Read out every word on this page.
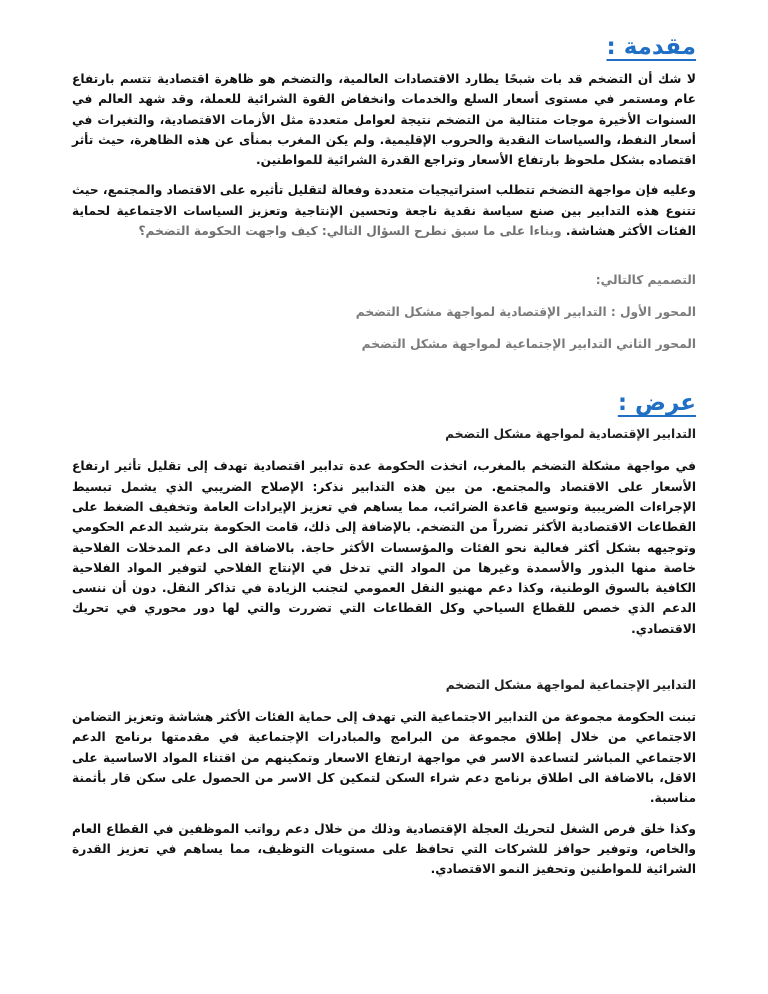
مقدمة :

لا شك أن التضخم قد بات شبحًا يطارد الاقتصادات العالمية، والتضخم هو ظاهرة اقتصادية تتسم بارتفاع عام ومستمر في مستوى أسعار السلع والخدمات وانخفاض القوة الشرائية للعملة، وقد شهد العالم في السنوات الأخيرة موجات متتالية من التضخم نتيجة لعوامل متعددة مثل الأزمات الاقتصادية، والتغيرات في أسعار النفط، والسياسات النقدية والحروب الإقليمية. ولم يكن المغرب بمنأى عن هذه الظاهرة، حيث تأثر اقتصاده بشكل ملحوظ بارتفاع الأسعار وتراجع القدرة الشرائية للمواطنين.

وعليه فإن مواجهة التضخم تتطلب استراتيجيات متعددة وفعالة لتقليل تأثيره على الاقتصاد والمجتمع، حيث تتنوع هذه التدابير بين صنع سياسة نقدية ناجعة وتحسين الإنتاجية وتعزيز السياسات الاجتماعية لحماية الفئات الأكثر هشاشة. وبناءا على ما سبق نطرح السؤال التالي: كيف واجهت الحكومة التضخم؟

التصميم كالتالي:

المحور الأول : التدابير الإقتصادية لمواجهة مشكل التضخم

المحور الثاني التدابير الإجتماعية لمواجهة مشكل التضخم

عرض :

التدابير الإقتصادية لمواجهة مشكل التضخم

في مواجهة مشكلة التضخم بالمغرب، اتخذت الحكومة عدة تدابير اقتصادية تهدف إلى تقليل تأثير ارتفاع الأسعار على الاقتصاد والمجتمع. من بين هذه التدابير نذكر: الإصلاح الضريبي الذي يشمل تبسيط الإجراءات الضريبية وتوسيع قاعدة الضرائب، مما يساهم في تعزيز الإيرادات العامة وتخفيف الضغط على القطاعات الاقتصادية الأكثر تضرراً من التضخم. بالإضافة إلى ذلك، قامت الحكومة بترشيد الدعم الحكومي وتوجيهه بشكل أكثر فعالية نحو الفئات والمؤسسات الأكثر حاجة. بالاضافة الى دعم المدخلات الفلاحية خاصة منها البذور والأسمدة وغيرها من المواد التي تدخل في الإنتاج الفلاحي لتوفير المواد الفلاحية الكافية بالسوق الوطنية، وكذا دعم مهنيو النقل العمومي لتجنب الزيادة في تذاكر النقل. دون أن ننسى الدعم الذي خصص للقطاع السياحي وكل القطاعات التي تضررت والتي لها دور محوري في تحريك الاقتصادي.

التدابير الإجتماعية لمواجهة مشكل التضخم

تبنت الحكومة مجموعة من التدابير الاجتماعية التي تهدف إلى حماية الفئات الأكثر هشاشة وتعزيز التضامن الاجتماعي من خلال إطلاق مجموعة من البرامج والمبادرات الإجتماعية في مقدمتها برنامج الدعم الاجتماعي المباشر لتساعدة الاسر في مواجهة ارتفاع الاسعار وتمكينهم من اقتناء المواد الاساسية على الاقل، بالاضافة الى اطلاق برنامج دعم شراء السكن لتمكين كل الاسر من الحصول على سكن قار بأثمنة مناسبة.

وكذا خلق فرص الشغل لتحريك العجلة الإقتصادية وذلك من خلال دعم رواتب الموظفين في القطاع العام والخاص، وتوفير حوافز للشركات التي تحافظ على مستويات التوظيف، مما يساهم في تعزيز القدرة الشرائية للمواطنين وتحفيز النمو الاقتصادي.
